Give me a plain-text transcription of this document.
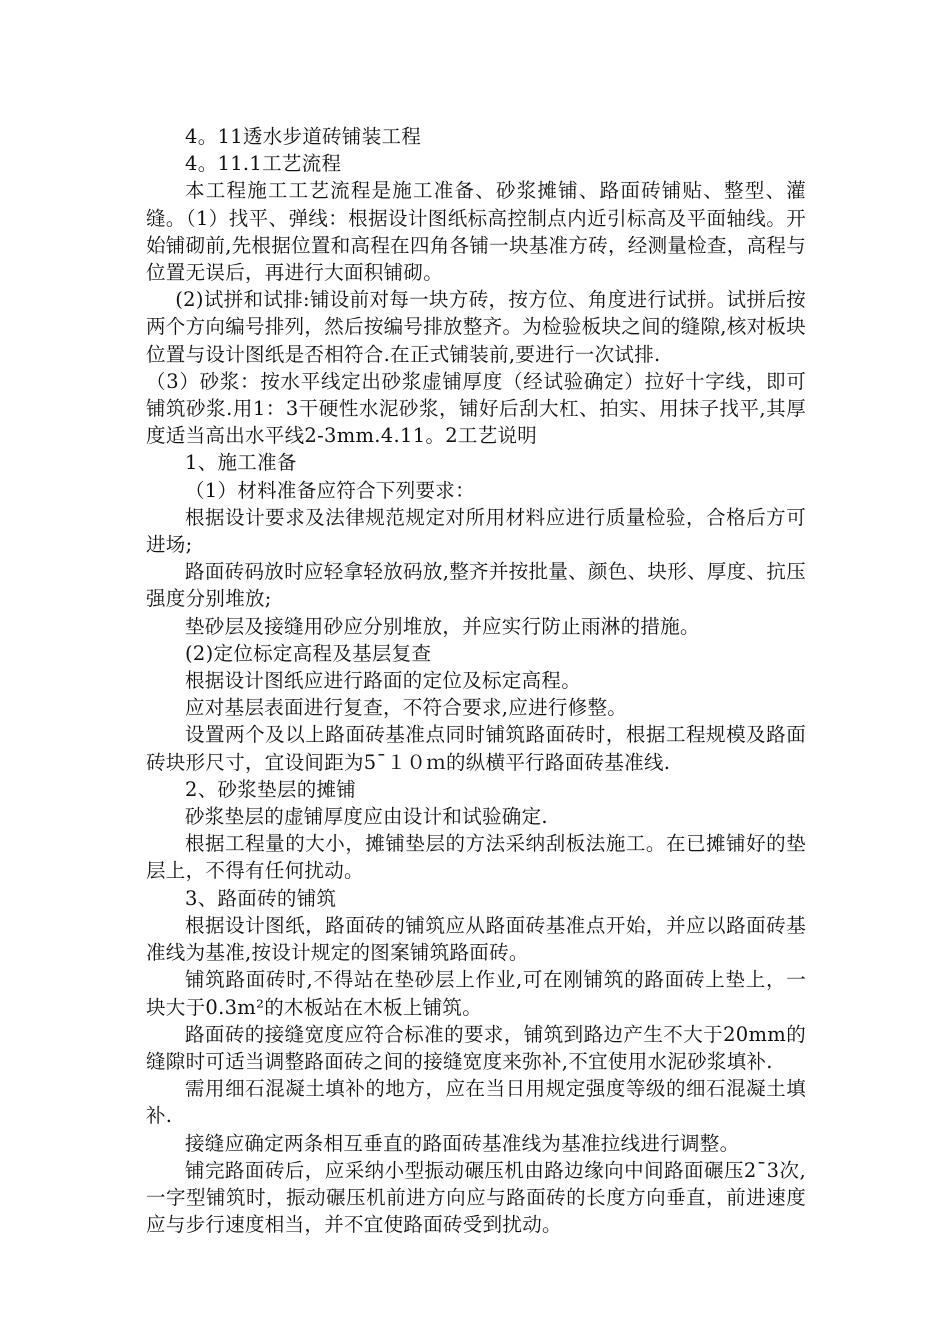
4。11透水步道砖铺装工程

4。11.1工艺流程

本工程施工工艺流程是施工准备、砂浆摊铺、路面砖铺贴、整型、灌缝。（1）找平、弹线：根据设计图纸标高控制点内近引标高及平面轴线。开始铺砌前,先根据位置和高程在四角各铺一块基准方砖，经测量检查，高程与位置无误后，再进行大面积铺砌。

(2)试拼和试排:铺设前对每一块方砖，按方位、角度进行试拼。试拼后按两个方向编号排列，然后按编号排放整齐。为检验板块之间的缝隙,核对板块位置与设计图纸是否相符合.在正式铺装前,要进行一次试排.

（3）砂浆：按水平线定出砂浆虚铺厚度（经试验确定）拉好十字线，即可铺筑砂浆.用1：3干硬性水泥砂浆，铺好后刮大杠、拍实、用抹子找平,其厚度适当高出水平线2-3mm.4.11。2工艺说明

1、施工准备

（1）材料准备应符合下列要求：

根据设计要求及法律规范规定对所用材料应进行质量检验，合格后方可进场;

路面砖码放时应轻拿轻放码放,整齐并按批量、颜色、块形、厚度、抗压强度分别堆放;

垫砂层及接缝用砂应分别堆放，并应实行防止雨淋的措施。

(2)定位标定高程及基层复查

根据设计图纸应进行路面的定位及标定高程。

应对基层表面进行复查，不符合要求,应进行修整。

设置两个及以上路面砖基准点同时铺筑路面砖时，根据工程规模及路面砖块形尺寸，宜设间距为5¯１０ｍ的纵横平行路面砖基准线.

2、砂浆垫层的摊铺

砂浆垫层的虚铺厚度应由设计和试验确定.

根据工程量的大小，摊铺垫层的方法采纳刮板法施工。在已摊铺好的垫层上，不得有任何扰动。

3、路面砖的铺筑

根据设计图纸，路面砖的铺筑应从路面砖基准点开始，并应以路面砖基准线为基准,按设计规定的图案铺筑路面砖。

铺筑路面砖时,不得站在垫砂层上作业,可在刚铺筑的路面砖上垫上，一块大于0.3m²的木板站在木板上铺筑。

路面砖的接缝宽度应符合标准的要求，铺筑到路边产生不大于20mm的缝隙时可适当调整路面砖之间的接缝宽度来弥补,不宜使用水泥砂浆填补.

需用细石混凝土填补的地方，应在当日用规定强度等级的细石混凝土填补.

接缝应确定两条相互垂直的路面砖基准线为基准拉线进行调整。

铺完路面砖后，应采纳小型振动碾压机由路边缘向中间路面碾压2¯3次,一字型铺筑时，振动碾压机前进方向应与路面砖的长度方向垂直，前进速度应与步行速度相当，并不宜使路面砖受到扰动。
